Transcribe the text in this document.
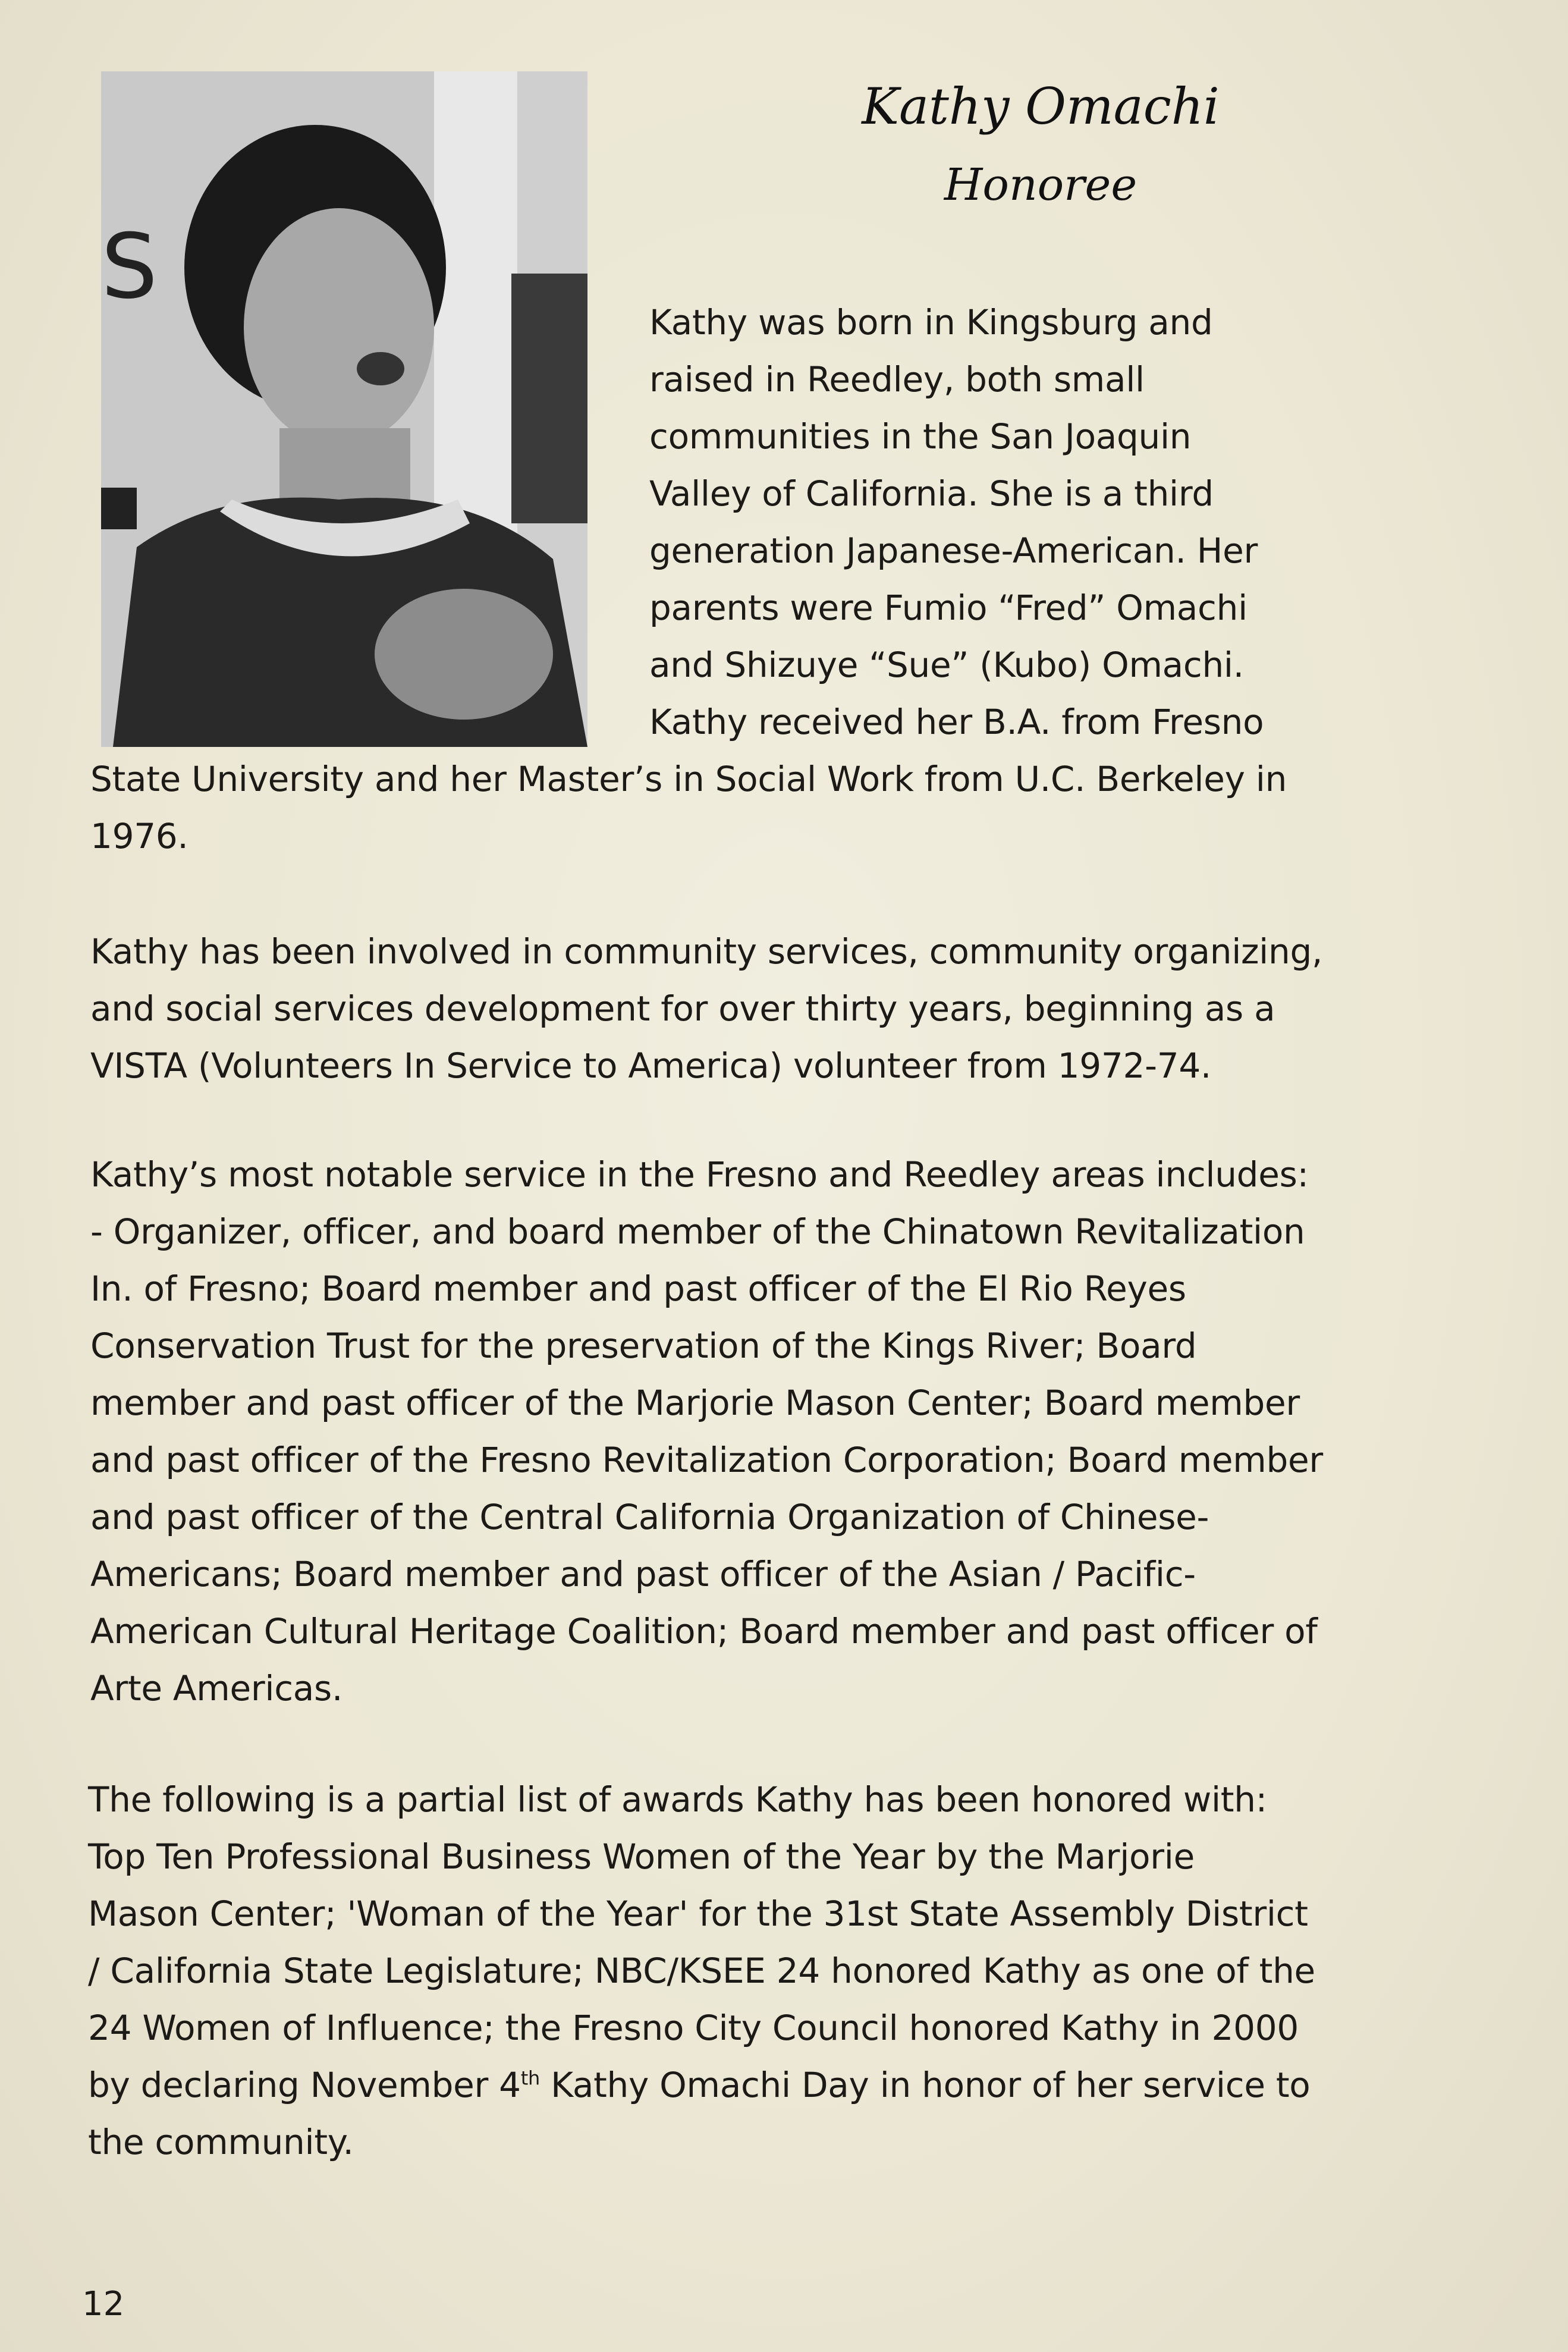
S
Kathy Omachi
Honoree

Kathy was born in Kingsburg and
raised in Reedley, both small
communities in the San Joaquin
Valley of California. She is a third
generation Japanese-American. Her
parents were Fumio “Fred” Omachi
and Shizuye “Sue” (Kubo) Omachi.
Kathy received her B.A. from Fresno

State University and her Master’s in Social Work from U.C. Berkeley in
1976.

Kathy has been involved in community services, community organizing,
and social services development for over thirty years, beginning as a
VISTA (Volunteers In Service to America) volunteer from 1972-74.

Kathy’s most notable service in the Fresno and Reedley areas includes:
- Organizer, officer, and board member of the Chinatown Revitalization
In. of Fresno; Board member and past officer of the El Rio Reyes
Conservation Trust for the preservation of the Kings River; Board
member and past officer of the Marjorie Mason Center; Board member
and past officer of the Fresno Revitalization Corporation; Board member
and past officer of the Central California Organization of Chinese-
Americans; Board member and past officer of the Asian / Pacific-
American Cultural Heritage Coalition; Board member and past officer of
Arte Americas.

The following is a partial list of awards Kathy has been honored with:
Top Ten Professional Business Women of the Year by the Marjorie
Mason Center; 'Woman of the Year' for the 31st State Assembly District
/ California State Legislature; NBC/KSEE 24 honored Kathy as one of the
24 Women of Influence; the Fresno City Council honored Kathy in 2000
by declaring November 4th Kathy Omachi Day in honor of her service to
the community.

12
